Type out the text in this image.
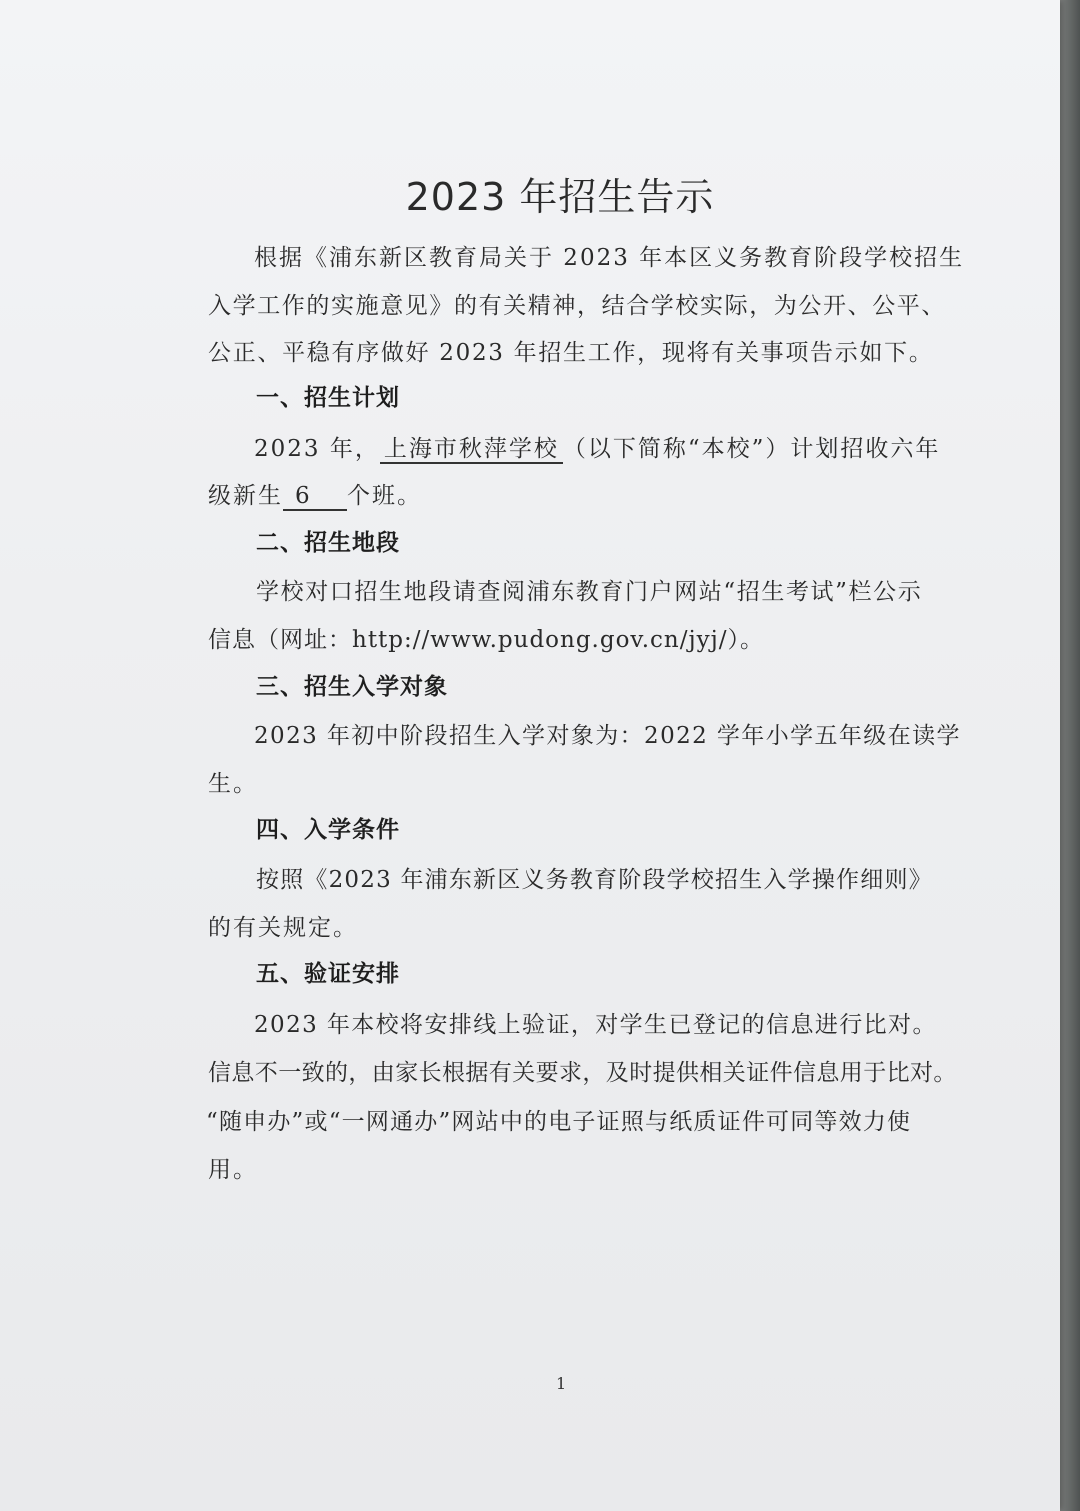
2023 年招生告示
根据《浦东新区教育局关于 2023 年本区义务教育阶段学校招生
入学工作的实施意见》的有关精神，结合学校实际，为公开、公平、
公正、平稳有序做好 2023 年招生工作，现将有关事项告示如下。
一、招生计划
2023 年， 上海市秋萍学校 （以下简称“本校”）计划招收六年
级新生 6 个班。
二、招生地段
学校对口招生地段请查阅浦东教育门户网站“招生考试”栏公示
信息（网址：http://www.pudong.gov.cn/jyj/）。
三、招生入学对象
2023 年初中阶段招生入学对象为：2022 学年小学五年级在读学
生。
四、入学条件
按照《2023 年浦东新区义务教育阶段学校招生入学操作细则》
的有关规定。
五、验证安排
2023 年本校将安排线上验证，对学生已登记的信息进行比对。
信息不一致的，由家长根据有关要求，及时提供相关证件信息用于比对。
“随申办”或“一网通办”网站中的电子证照与纸质证件可同等效力使
用。
1
